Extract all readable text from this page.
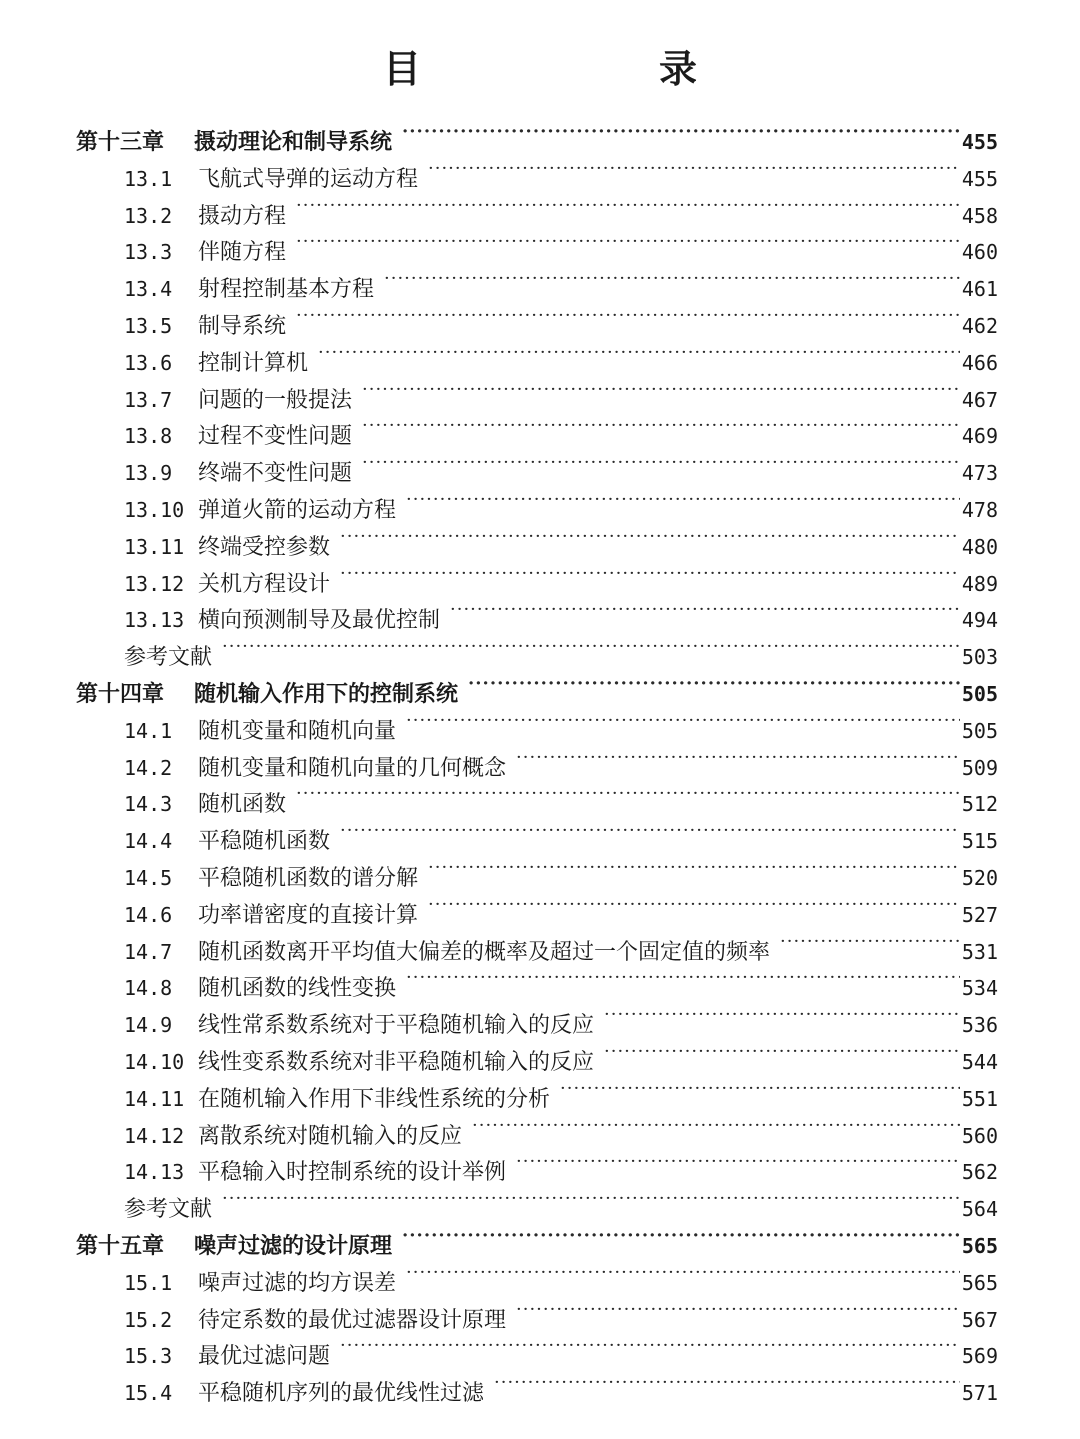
目　录
第十三章	摄动理论和制导系统 ·····	455
13.1	飞航式导弹的运动方程 ·····	455
13.2	摄动方程 ·····	458
13.3	伴随方程 ·····	460
13.4	射程控制基本方程 ·····	461
13.5	制导系统 ·····	462
13.6	控制计算机 ·····	466
13.7	问题的一般提法 ·····	467
13.8	过程不变性问题 ·····	469
13.9	终端不变性问题 ·····	473
13.10 弹道火箭的运动方程 ·····	478
13.11 终端受控参数 ·····	480
13.12 关机方程设计 ·····	489
13.13 横向预测制导及最优控制 ·····	494
参考文献 ·····	503
第十四章	随机输入作用下的控制系统 ·····	505
14.1	随机变量和随机向量 ·····	505
14.2	随机变量和随机向量的几何概念 ·····	509
14.3	随机函数 ·····	512
14.4	平稳随机函数 ·····	515
14.5	平稳随机函数的谱分解 ·····	520
14.6	功率谱密度的直接计算 ·····	527
14.7	随机函数离开平均值大偏差的概率及超过一个固定值的频率 ·····	531
14.8	随机函数的线性变换 ·····	534
14.9	线性常系数系统对于平稳随机输入的反应 ·····	536
14.10 线性变系数系统对非平稳随机输入的反应 ·····	544
14.11 在随机输入作用下非线性系统的分析 ·····	551
14.12 离散系统对随机输入的反应 ·····	560
14.13 平稳输入时控制系统的设计举例 ·····	562
参考文献 ·····	564
第十五章	噪声过滤的设计原理 ·····	565
15.1	噪声过滤的均方误差 ·····	565
15.2	待定系数的最优过滤器设计原理 ·····	567
15.3	最优过滤问题 ·····	569
15.4	平稳随机序列的最优线性过滤 ·····	571
